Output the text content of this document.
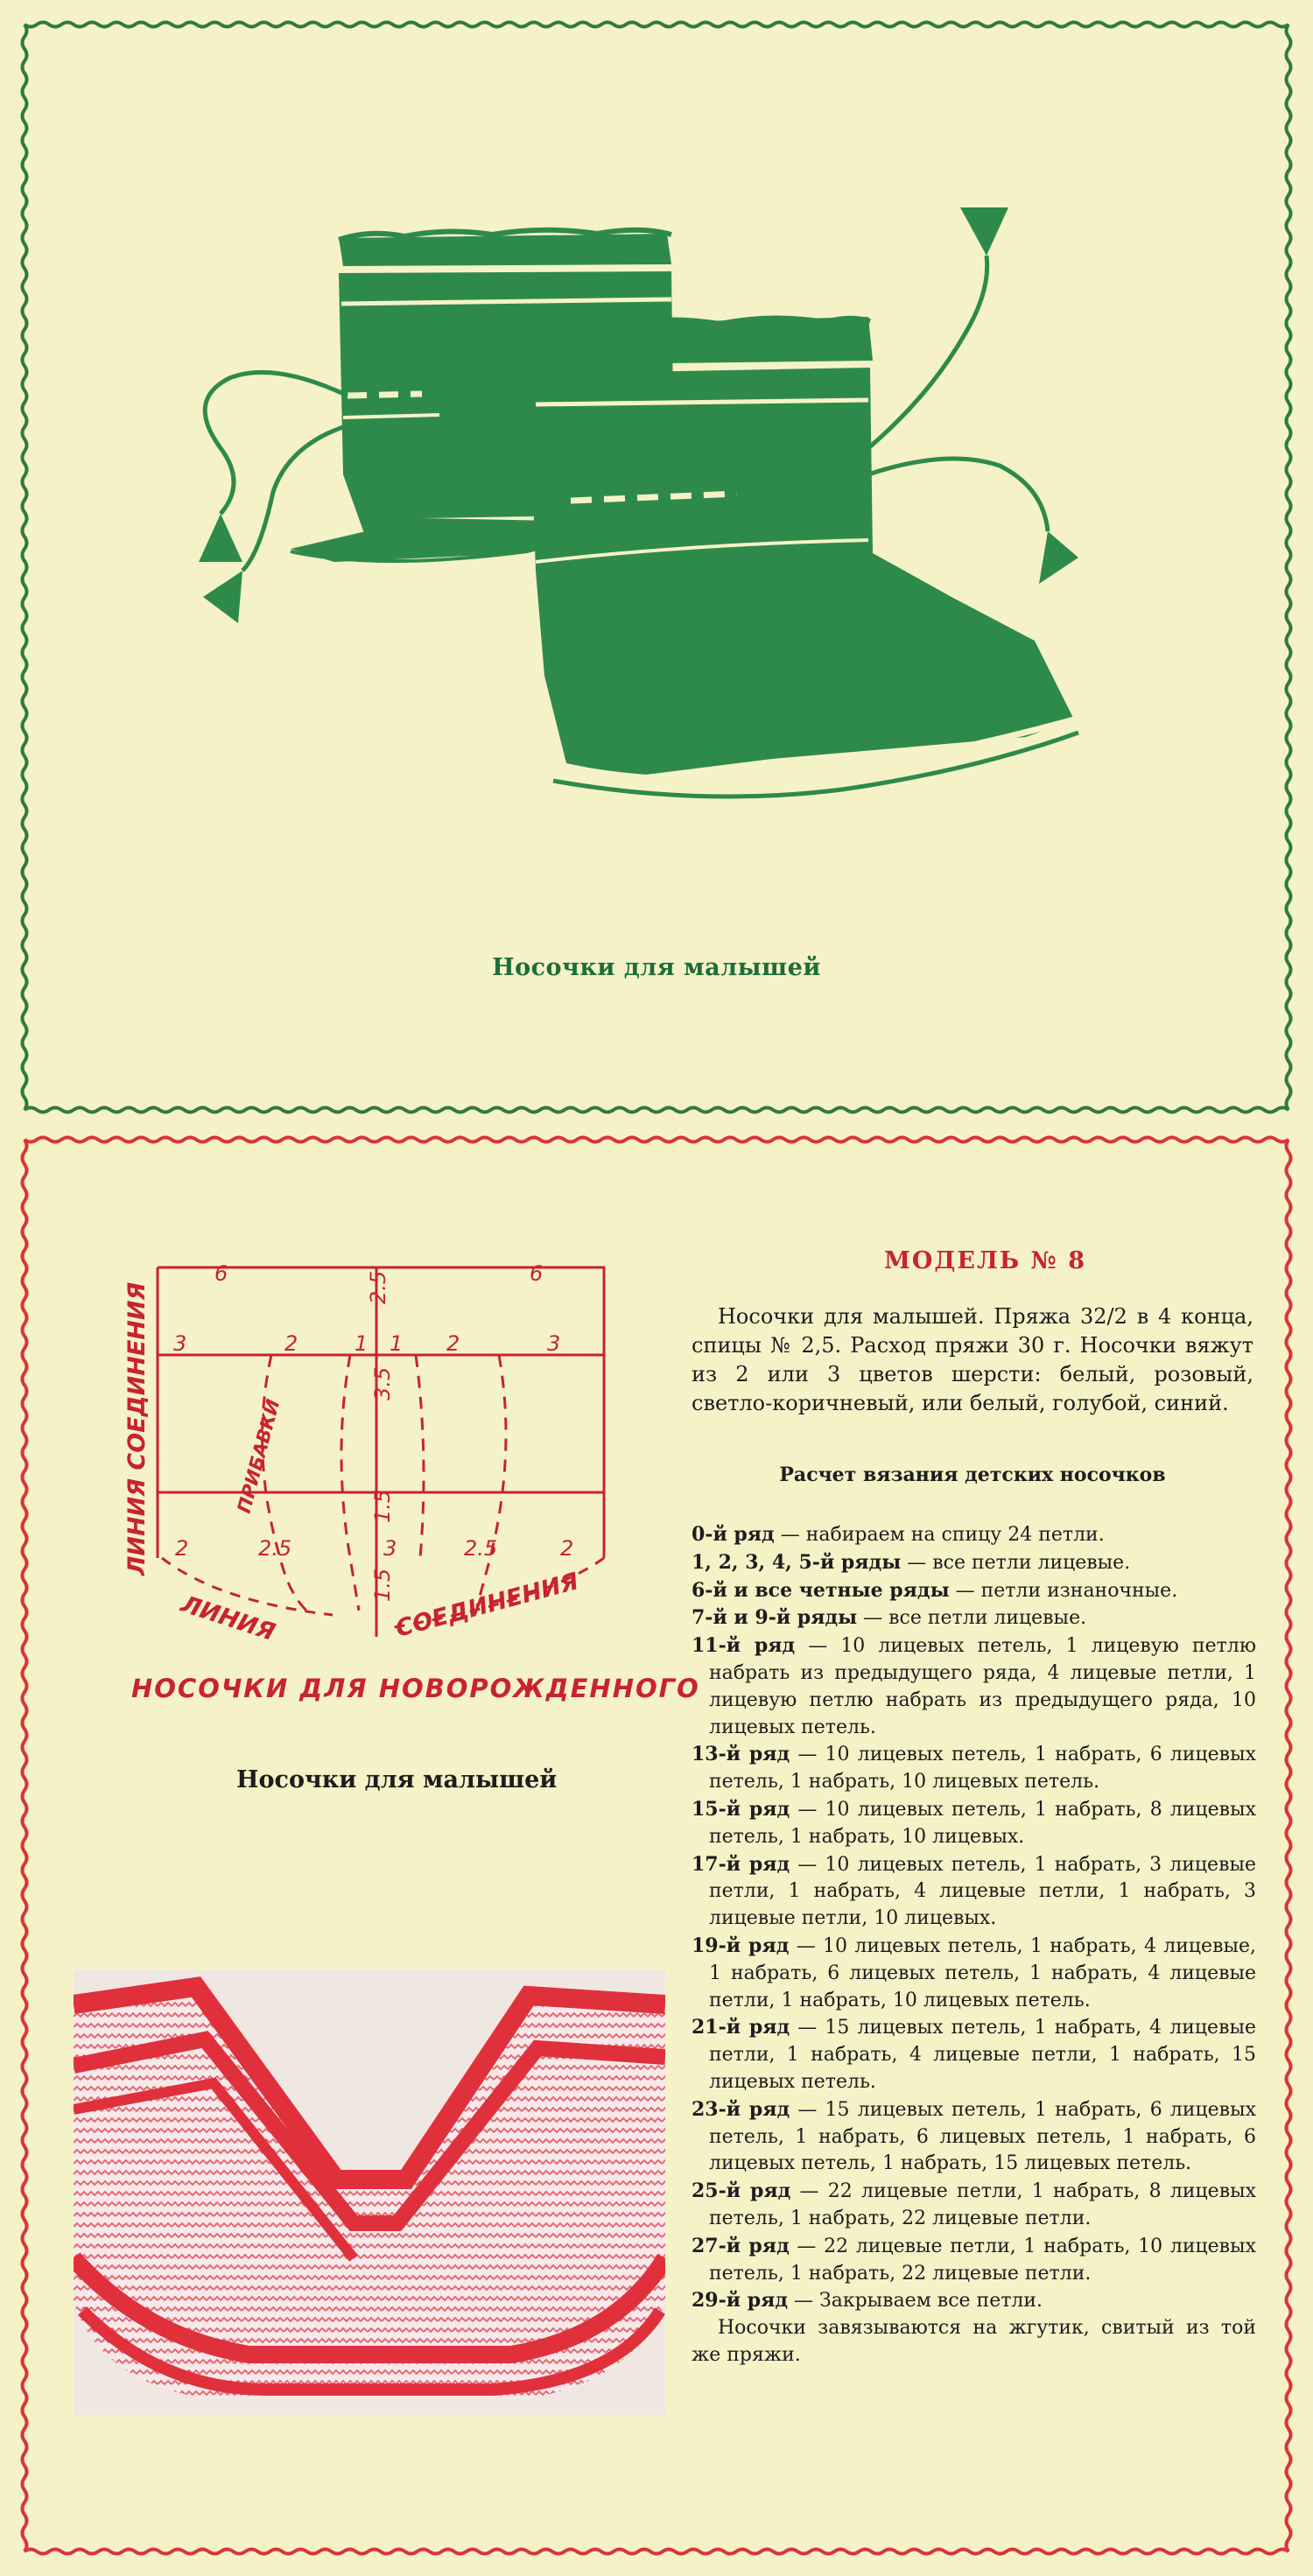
Носочки для малышей
6	2.5	6
3	2	1 1 2	3
3.5
1.5
1.5
2	2.5	3	2.5	2
ЛИНИЯ СОЕДИНЕНИЯ	ПРИБАВКИ
ЛИНИЯ	СОЕДИНЕНИЯ
НОСОЧКИ ДЛЯ НОВОРОЖДЕННОГО
Носочки для малышей
МОДЕЛЬ № 8
Носочки для малышей. Пряжа 32/2 в 4 конца, спицы № 2,5. Расход пряжи 30 г. Носочки вяжут из 2 или 3 цветов шерсти: белый, розовый, светло-коричневый, или белый, голубой, синий.
Расчет вязания детских носочков

0-й ряд — набираем на спицу 24 петли.

1, 2, 3, 4, 5-й ряды — все петли лицевые.

6-й и все четные ряды — петли изнаночные.

7-й и 9-й ряды — все петли лицевые.

11-й ряд — 10 лицевых петель, 1 лицевую петлю набрать из предыдущего ряда, 4 лицевые петли, 1 лицевую петлю набрать из предыдущего ряда, 10 лицевых петель.

13-й ряд — 10 лицевых петель, 1 набрать, 6 лицевых петель, 1 набрать, 10 лицевых петель.

15-й ряд — 10 лицевых петель, 1 набрать, 8 лицевых петель, 1 набрать, 10 лицевых.

17-й ряд — 10 лицевых петель, 1 набрать, 3 лицевые петли, 1 набрать, 4 лицевые петли, 1 набрать, 3 лицевые петли, 10 лицевых.

19-й ряд — 10 лицевых петель, 1 набрать, 4 лицевые, 1 набрать, 6 лицевых петель, 1 набрать, 4 лицевые петли, 1 набрать, 10 лицевых петель.

21-й ряд — 15 лицевых петель, 1 набрать, 4 лицевые петли, 1 набрать, 4 лицевые петли, 1 набрать, 15 лицевых петель.

23-й ряд — 15 лицевых петель, 1 набрать, 6 лицевых петель, 1 набрать, 6 лицевых петель, 1 набрать, 6 лицевых петель, 1 набрать, 15 лицевых петель.

25-й ряд — 22 лицевые петли, 1 набрать, 8 лицевых петель, 1 набрать, 22 лицевые петли.

27-й ряд — 22 лицевые петли, 1 набрать, 10 лицевых петель, 1 набрать, 22 лицевые петли.

29-й ряд — Закрываем все петли.

Носочки завязываются на жгутик, свитый из той же пряжи.
